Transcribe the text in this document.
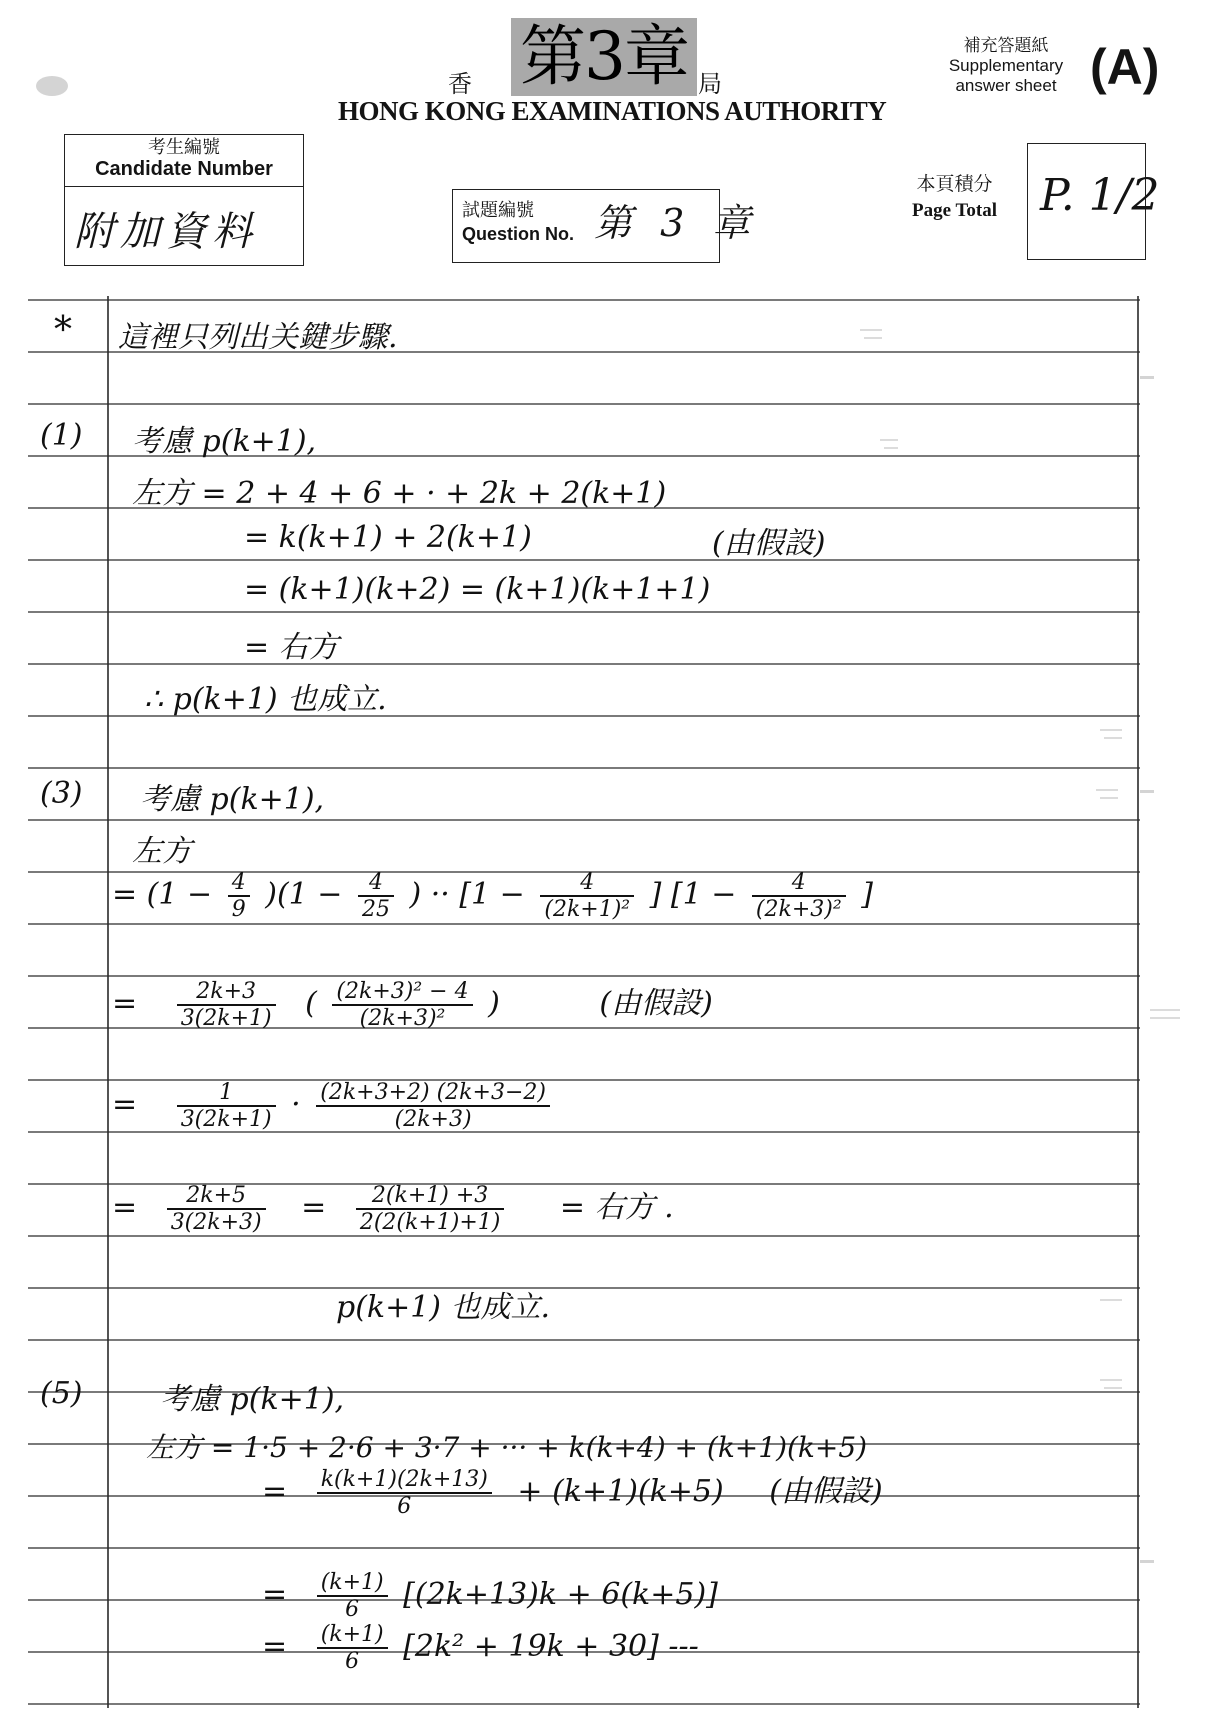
香 第3章 局
HONG KONG EXAMINATIONS AUTHORITY
補充答題紙
Supplementary
answer sheet (A)
考生編號
Candidate Number
附加資料	試題編號
Question No. 第 3 章
本頁積分
Page Total P. 1/2
* 這裡只列出关鍵步驟.
(1) 考慮 p(k+1),
左方 = 2 + 4 + 6 + · + 2k + 2(k+1)
= k(k+1) + 2(k+1)	(由假設)
= (k+1)(k+2) = (k+1)(k+1+1)
= 右方
∴ p(k+1) 也成立.
(3) 考慮 p(k+1),
左方
= $(1 - \frac{4}{9} )(1 - \frac{4}{25}$ ) ·· [$1 - \frac{4}{\text{(2k+1)²}}$ ] [$1 - \frac{4}{\text{(2k+3)²}}$ ]
= $\frac{2k+3}{3(2k+1)}$ ( $\frac{\text{(2k+3)² − 4}}{\text{(2k+3)²}}$ )	(由假設)
= $\frac{1}{3(2k+1)} \cdot \frac{(2k+3+2) (2k+3-2)}{(2k+3)}$
= $\frac{2k+5}{3(2k+3)} = \frac{2(k+1) +3}{2(2(k+1)+1)}$ = 右方 .
p(k+1) 也成立.
(5)	考慮 p(k+1),
左方 = 1·5 + 2·6 + 3·7 + ··· + k(k+4) + (k+1)(k+5)
= $\frac{k(k+1)(2k+13)}{6} + (k+1)(k+5)$ (由假設)
= $\frac{(k+1)}{6} [(2k+13)k + 6(k+5)]$
= $\frac{(k+1)}{6} [2k^2 + 19k + 30]$ ---
